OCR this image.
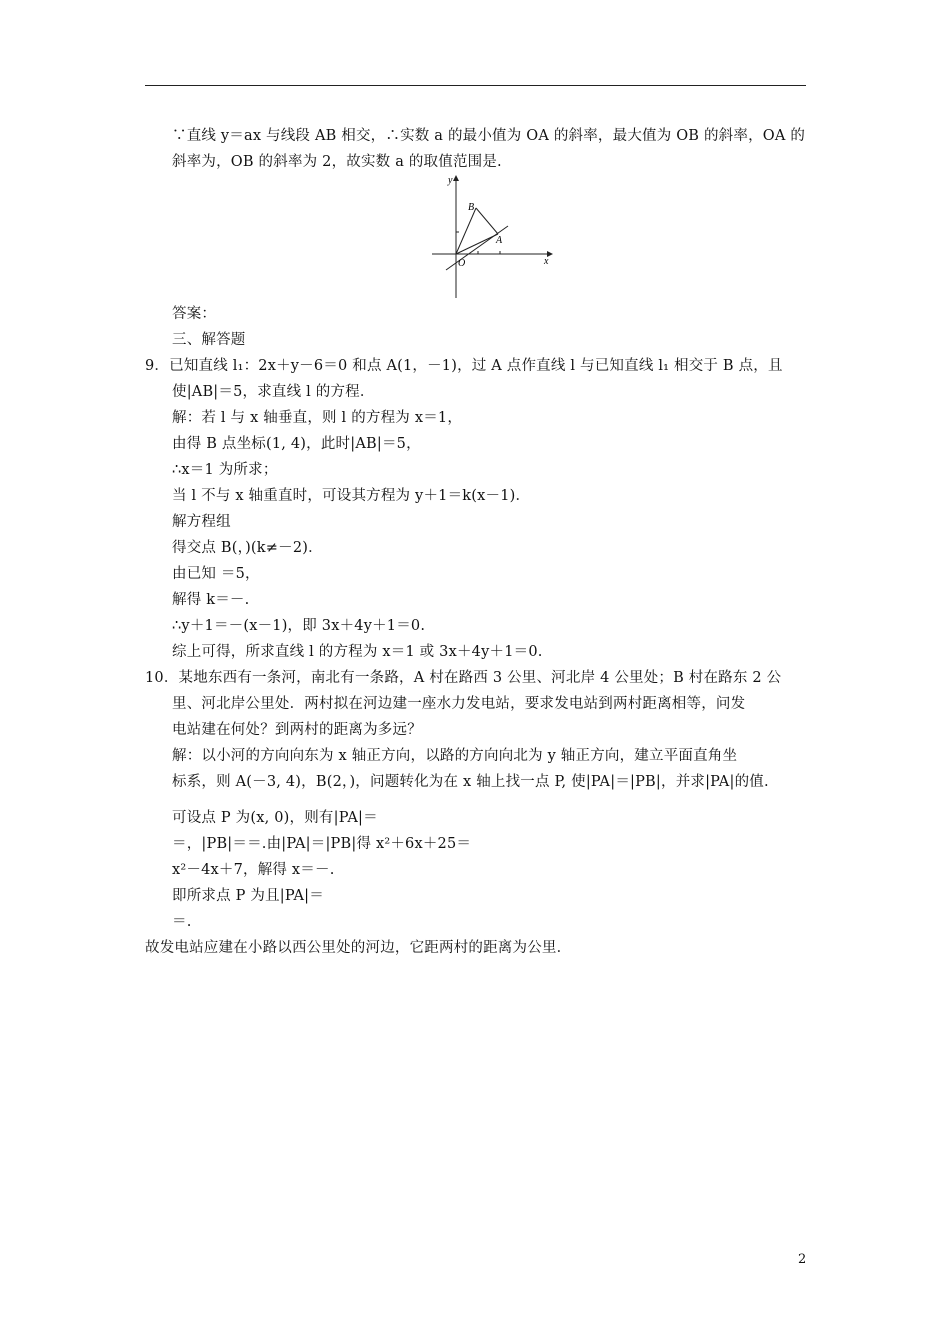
∵直线 y＝ax 与线段 AB 相交，∴实数 a 的最小值为 OA 的斜率，最大值为 OB 的斜率，OA 的
斜率为，OB 的斜率为 2，故实数 a 的取值范围是.
y
x
O
A
B
答案：
三、解答题
9．已知直线 l₁：2x＋y－6＝0 和点 A(1，－1)，过 A 点作直线 l 与已知直线 l₁ 相交于 B 点，且
使|AB|＝5，求直线 l 的方程．
解：若 l 与 x 轴垂直，则 l 的方程为 x＝1，
由得 B 点坐标(1, 4)，此时|AB|＝5，
∴x＝1 为所求；
当 l 不与 x 轴重直时，可设其方程为 y＋1＝k(x－1)．
解方程组
得交点 B(，)(k≠－2)．
由已知 ＝5，
解得 k＝－.
∴y＋1＝－(x－1)，即 3x＋4y＋1＝0.
综上可得，所求直线 l 的方程为 x＝1 或 3x＋4y＋1＝0.
10．某地东西有一条河，南北有一条路，A 村在路西 3 公里、河北岸 4 公里处；B 村在路东 2 公
里、河北岸公里处．两村拟在河边建一座水力发电站，要求发电站到两村距离相等，问发
电站建在何处？到两村的距离为多远？
解：以小河的方向向东为 x 轴正方向，以路的方向向北为 y 轴正方向，建立平面直角坐
标系，则 A(－3, 4)，B(2，)，问题转化为在 x 轴上找一点 P, 使|PA|＝|PB|，并求|PA|的值.
可设点 P 为(x, 0)，则有|PA|＝
＝，|PB|＝＝.由|PA|＝|PB|得 x²＋6x＋25＝
x²－4x＋7，解得 x＝－.
即所求点 P 为且|PA|＝
＝.
故发电站应建在小路以西公里处的河边，它距两村的距离为公里．
2
